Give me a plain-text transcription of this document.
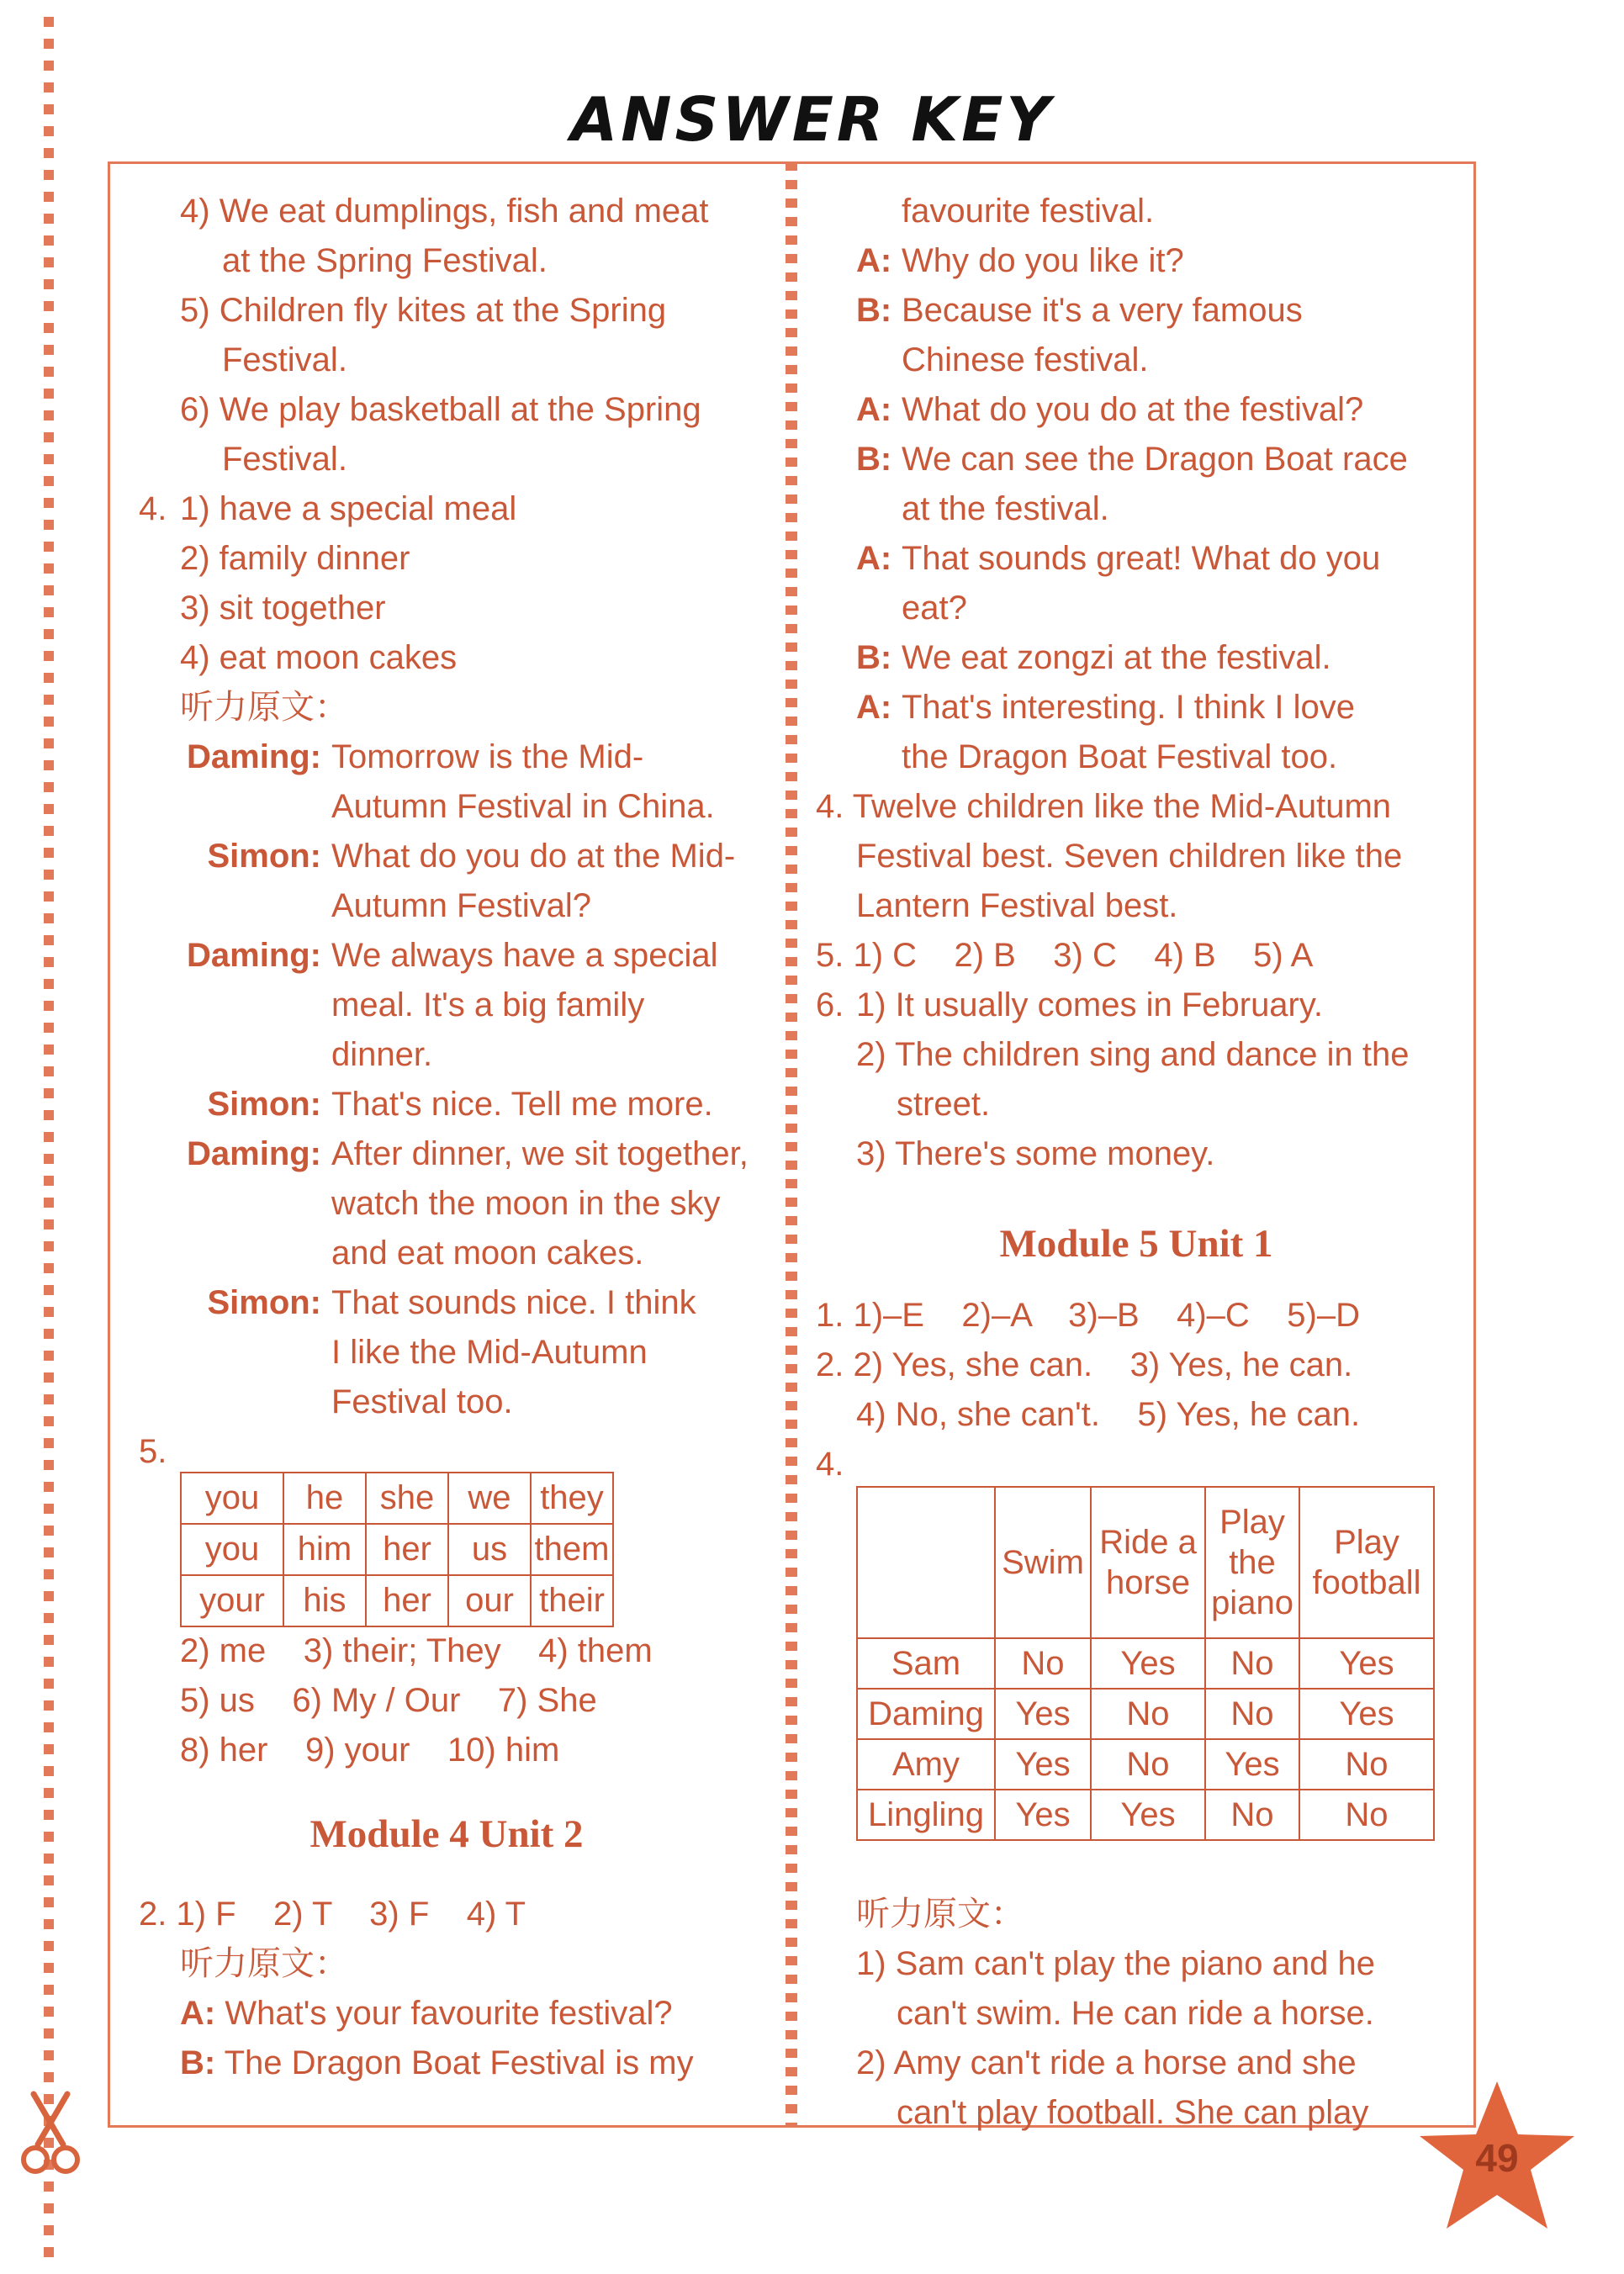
ANSWER KEY
4) We eat dumplings, fish and meat
at the Spring Festival.
5) Children fly kites at the Spring
Festival.
6) We play basketball at the Spring
Festival.
4. 1) have a special meal
2) family dinner
3) sit together
4) eat moon cakes
听力原文：
Daming: Tomorrow is the Mid-
Autumn Festival in China.
Simon: What do you do at the Mid-
Autumn Festival?
Daming: We always have a special
meal. It's a big family
dinner.
Simon: That's nice. Tell me more.
Daming: After dinner, we sit together,
watch the moon in the sky
and eat moon cakes.
Simon: That sounds nice. I think
I like the Mid-Autumn
Festival too.
5.
you	he	she	we	they
you	him	her	us	them
your	his	her	our	their
2) me    3) their; They    4) them
5) us    6) My / Our    7) She
8) her    9) your    10) him
Module 4 Unit 2
2. 1) F    2) T    3) F    4) T
听力原文：
A: What's your favourite festival?
B: The Dragon Boat Festival is my
favourite festival.
A: Why do you like it?
B: Because it's a very famous
Chinese festival.
A: What do you do at the festival?
B: We can see the Dragon Boat race
at the festival.
A: That sounds great! What do you
eat?
B: We eat zongzi at the festival.
A: That's interesting. I think I love
the Dragon Boat Festival too.
4. Twelve children like the Mid-Autumn
Festival best. Seven children like the
Lantern Festival best.
5. 1) C    2) B    3) C    4) B    5) A
6. 1) It usually comes in February.
2) The children sing and dance in the
street.
3) There's some money.
Module 5 Unit 1
1. 1)–E    2)–A    3)–B    4)–C    5)–D
2. 2) Yes, she can.    3) Yes, he can.
4) No, she can't.    5) Yes, he can.
4.
	Swim	Ride a horse	Play the piano	Play football
Sam	No	Yes	No	Yes
Daming	Yes	No	No	Yes
Amy	Yes	No	Yes	No
Lingling	Yes	Yes	No	No
听力原文：
1) Sam can't play the piano and he
can't swim. He can ride a horse.
2) Amy can't ride a horse and she
can't play football. She can play
49
